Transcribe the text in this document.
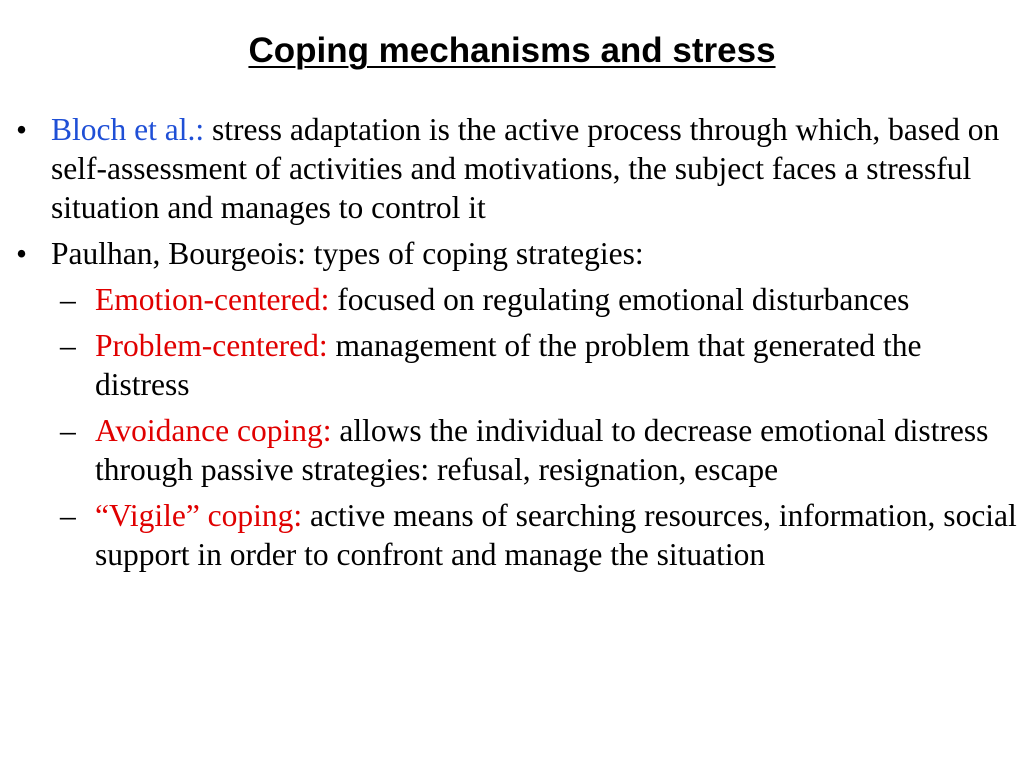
Coping mechanisms and stress

• Bloch et al.: stress adaptation is the active process through which, based on self-assessment of activities and motivations, the subject faces a stressful situation and manages to control it

• Paulhan, Bourgeois: types of coping strategies:

– Emotion-centered: focused on regulating emotional disturbances

– Problem-centered: management of the problem that generated the distress

– Avoidance coping: allows the individual to decrease emotional distress through passive strategies: refusal, resignation, escape

– “Vigile” coping: active means of searching resources, information, social support in order to confront and manage the situation
